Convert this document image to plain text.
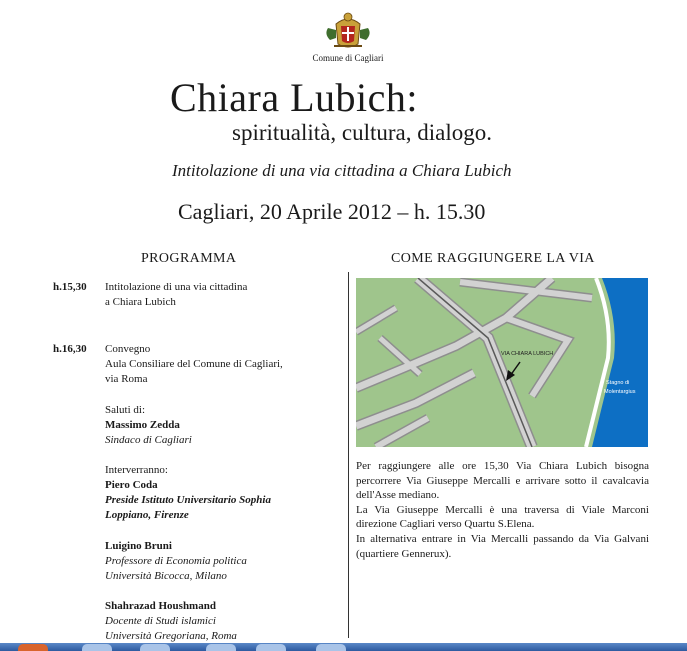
Comune di Cagliari
Chiara Lubich:
spiritualità, cultura, dialogo.
Intitolazione di una via cittadina a Chiara Lubich
Cagliari, 20 Aprile 2012 – h. 15.30
PROGRAMMA	COME RAGGIUNGERE LA VIA
h.15,30 Intitolazione di una via cittadina
a Chiara Lubich
h.16,30 Convegno
Aula Consiliare del Comune di Cagliari,
via Roma
Saluti di:
Massimo Zedda
Sindaco di Cagliari
Interverranno:
Piero Coda
Preside Istituto Universitario Sophia
Loppiano, Firenze
Luigino Bruni
Professore di Economia politica
Università Bicocca, Milano
Shahrazad Houshmand
Docente di Studi islamici
Università Gregoriana, Roma
VIA CHIARA LUBICH
Stagno di
Molentargius
Per raggiungere alle ore 15,30 Via Chiara Lubich bisogna percorrere Via Giuseppe Mercalli e arrivare sotto il cavalcavia dell'Asse mediano.
La Via Giuseppe Mercalli è una traversa di Viale Marconi direzione Cagliari verso Quartu S.Elena.
In alternativa entrare in Via Mercalli passando da Via Galvani (quartiere Gennerux).
